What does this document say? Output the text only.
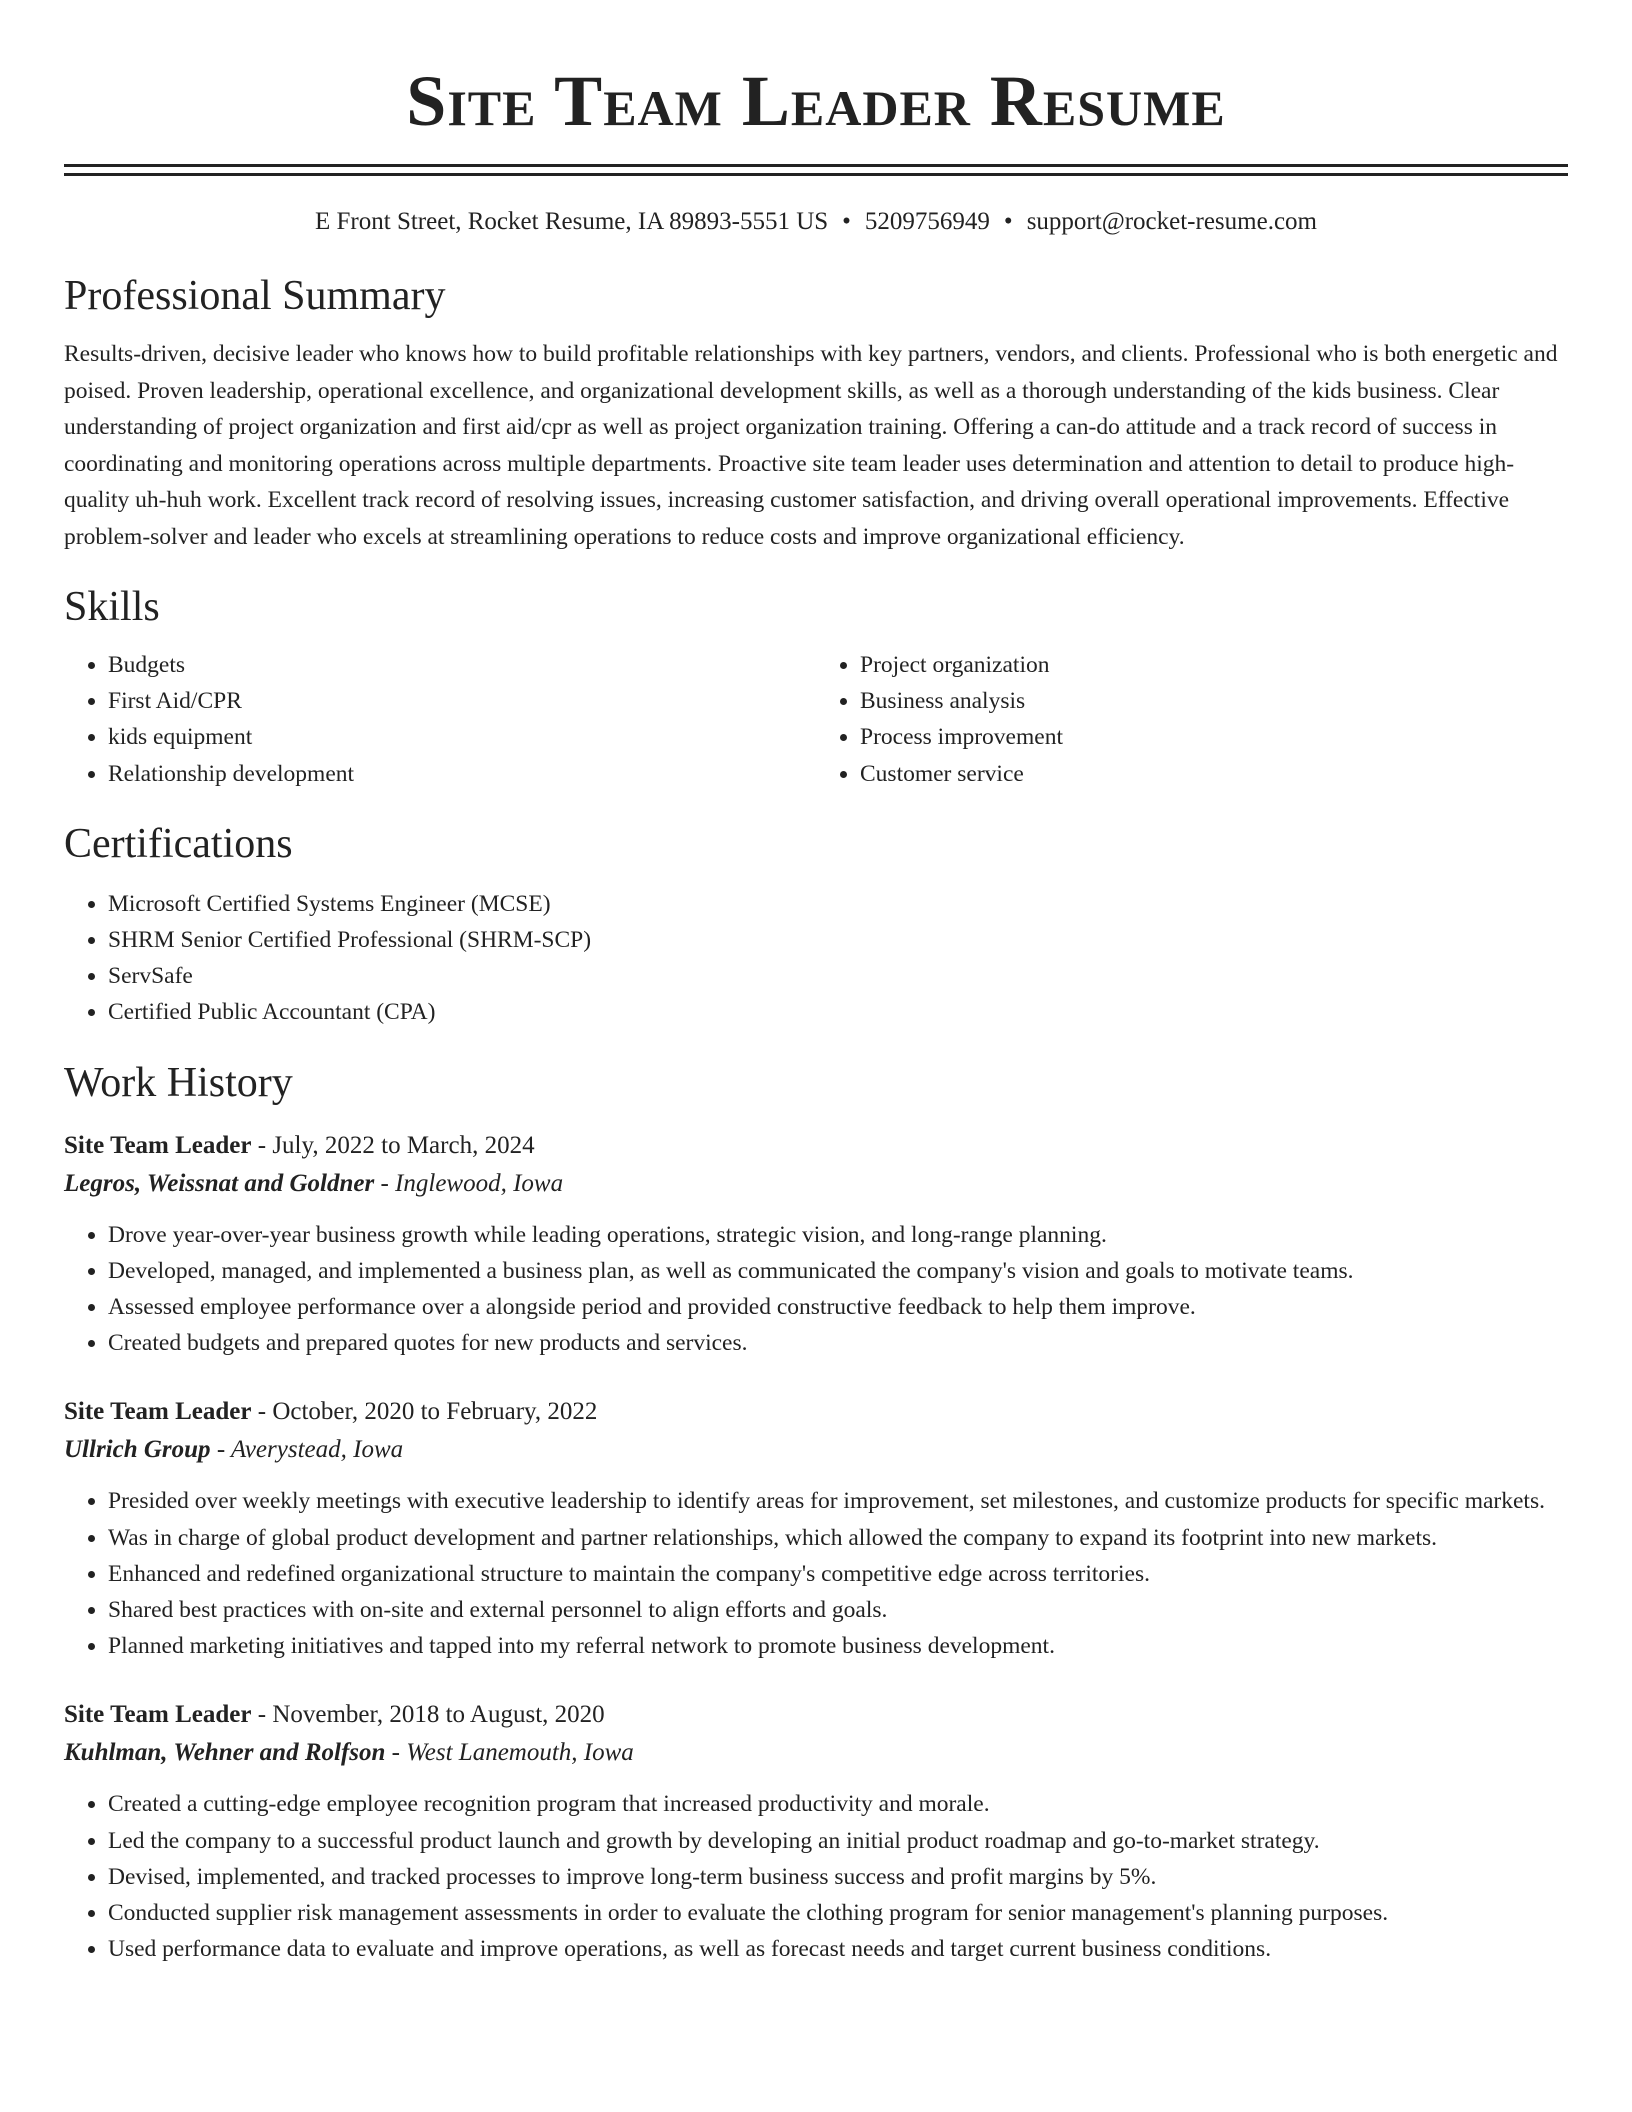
Site Team Leader Resume
E Front Street, Rocket Resume, IA 89893-5551 US • 5209756949 • support@rocket-resume.com
Professional Summary

Results-driven, decisive leader who knows how to build profitable relationships with key partners, vendors, and clients. Professional who is both energetic and poised. Proven leadership, operational excellence, and organizational development skills, as well as a thorough understanding of the kids business. Clear understanding of project organization and first aid/cpr as well as project organization training. Offering a can-do attitude and a track record of success in coordinating and monitoring operations across multiple departments. Proactive site team leader uses determination and attention to detail to produce high-quality uh-huh work. Excellent track record of resolving issues, increasing customer satisfaction, and driving overall operational improvements. Effective problem-solver and leader who excels at streamlining operations to reduce costs and improve organizational efficiency.

Skills
• Budgets
• First Aid/CPR
• kids equipment
• Relationship development
• Project organization
• Business analysis
• Process improvement
• Customer service
Certifications
• Microsoft Certified Systems Engineer (MCSE)
• SHRM Senior Certified Professional (SHRM-SCP)
• ServSafe
• Certified Public Accountant (CPA)
Work History
Site Team Leader - July, 2022 to March, 2024
Legros, Weissnat and Goldner - Inglewood, Iowa
• Drove year-over-year business growth while leading operations, strategic vision, and long-range planning.
• Developed, managed, and implemented a business plan, as well as communicated the company's vision and goals to motivate teams.
• Assessed employee performance over a alongside period and provided constructive feedback to help them improve.
• Created budgets and prepared quotes for new products and services.
Site Team Leader - October, 2020 to February, 2022
Ullrich Group - Averystead, Iowa
• Presided over weekly meetings with executive leadership to identify areas for improvement, set milestones, and customize products for specific markets.
• Was in charge of global product development and partner relationships, which allowed the company to expand its footprint into new markets.
• Enhanced and redefined organizational structure to maintain the company's competitive edge across territories.
• Shared best practices with on-site and external personnel to align efforts and goals.
• Planned marketing initiatives and tapped into my referral network to promote business development.
Site Team Leader - November, 2018 to August, 2020
Kuhlman, Wehner and Rolfson - West Lanemouth, Iowa
• Created a cutting-edge employee recognition program that increased productivity and morale.
• Led the company to a successful product launch and growth by developing an initial product roadmap and go-to-market strategy.
• Devised, implemented, and tracked processes to improve long-term business success and profit margins by 5%.
• Conducted supplier risk management assessments in order to evaluate the clothing program for senior management's planning purposes.
• Used performance data to evaluate and improve operations, as well as forecast needs and target current business conditions.
